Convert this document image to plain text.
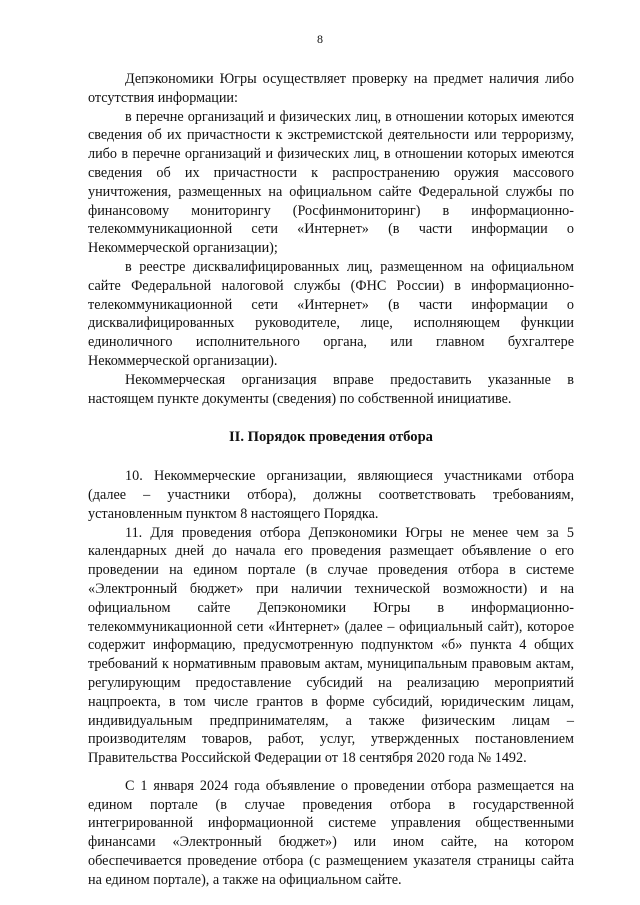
8

Депэкономики Югры осуществляет проверку на предмет наличия либо отсутствия информации:

в перечне организаций и физических лиц, в отношении которых имеются сведения об их причастности к экстремистской деятельности или терроризму, либо в перечне организаций и физических лиц, в отношении которых имеются сведения об их причастности к распространению оружия массового уничтожения, размещенных на официальном сайте Федеральной службы по финансовому мониторингу (Росфинмониторинг) в информационно-телекоммуникационной сети «Интернет» (в части информации о Некоммерческой организации);

в реестре дисквалифицированных лиц, размещенном на официальном сайте Федеральной налоговой службы (ФНС России) в информационно-телекоммуникационной сети «Интернет» (в части информации о дисквалифицированных руководителе, лице, исполняющем функции единоличного исполнительного органа, или главном бухгалтере Некоммерческой организации).

Некоммерческая организация вправе предоставить указанные в настоящем пункте документы (сведения) по собственной инициативе.

II. Порядок проведения отбора

10. Некоммерческие организации, являющиеся участниками отбора (далее – участники отбора), должны соответствовать требованиям, установленным пунктом 8 настоящего Порядка.

11. Для проведения отбора Депэкономики Югры не менее чем за 5 календарных дней до начала его проведения размещает объявление о его проведении на едином портале (в случае проведения отбора в системе «Электронный бюджет» при наличии технической возможности) и на официальном сайте Депэкономики Югры в информационно-телекоммуникационной сети «Интернет» (далее – официальный сайт), которое содержит информацию, предусмотренную подпунктом «б» пункта 4 общих требований к нормативным правовым актам, муниципальным правовым актам, регулирующим предоставление субсидий на реализацию мероприятий нацпроекта, в том числе грантов в форме субсидий, юридическим лицам, индивидуальным предпринимателям, а также физическим лицам – производителям товаров, работ, услуг, утвержденных постановлением Правительства Российской Федерации от 18 сентября 2020 года № 1492.

С 1 января 2024 года объявление о проведении отбора размещается на едином портале (в случае проведения отбора в государственной интегрированной информационной системе управления общественными финансами «Электронный бюджет») или ином сайте, на котором обеспечивается проведение отбора (с размещением указателя страницы сайта на едином портале), а также на официальном сайте.
